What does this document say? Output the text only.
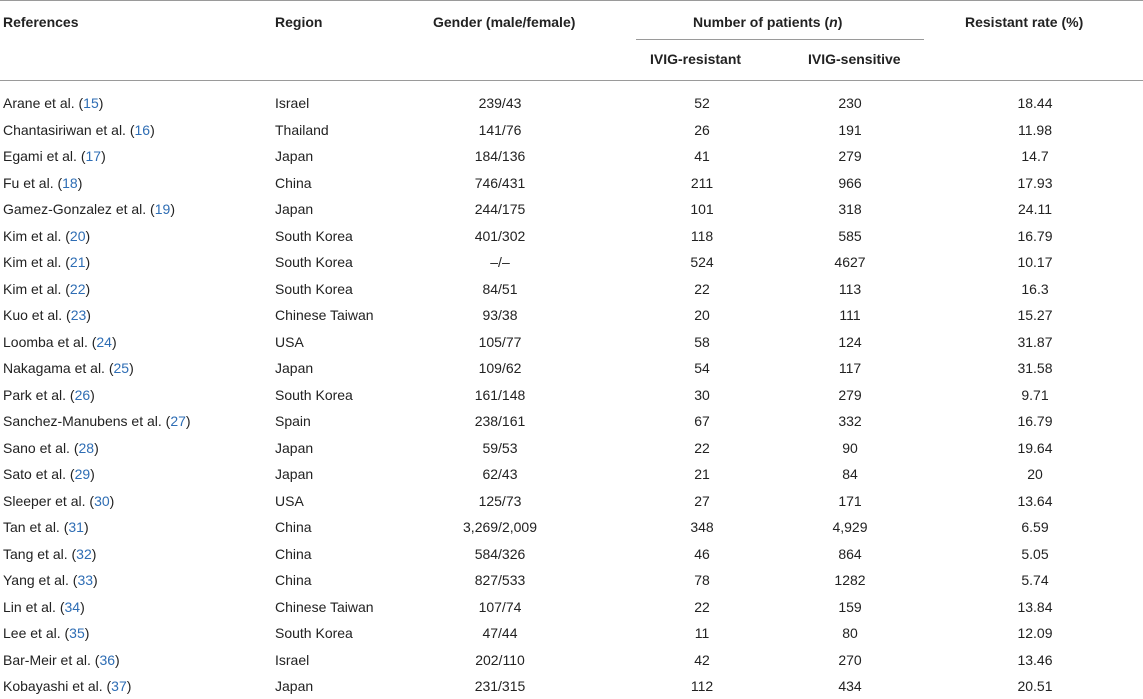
References	Region	Gender (male/female)	Number of patients (n)	Resistant rate (%)
IVIG-resistant	IVIG-sensitive
Arane et al. (15)	Israel	239/43	52	230	18.44
Chantasiriwan et al. (16)	Thailand	141/76	26	191	11.98
Egami et al. (17)	Japan	184/136	41	279	14.7
Fu et al. (18)	China	746/431	211	966	17.93
Gamez-Gonzalez et al. (19)	Japan	244/175	101	318	24.11
Kim et al. (20)	South Korea	401/302	118	585	16.79
Kim et al. (21)	South Korea	–/–	524	4627	10.17
Kim et al. (22)	South Korea	84/51	22	113	16.3
Kuo et al. (23)	Chinese Taiwan	93/38	20	111	15.27
Loomba et al. (24)	USA	105/77	58	124	31.87
Nakagama et al. (25)	Japan	109/62	54	117	31.58
Park et al. (26)	South Korea	161/148	30	279	9.71
Sanchez-Manubens et al. (27)	Spain	238/161	67	332	16.79
Sano et al. (28)	Japan	59/53	22	90	19.64
Sato et al. (29)	Japan	62/43	21	84	20
Sleeper et al. (30)	USA	125/73	27	171	13.64
Tan et al. (31)	China	3,269/2,009	348	4,929	6.59
Tang et al. (32)	China	584/326	46	864	5.05
Yang et al. (33)	China	827/533	78	1282	5.74
Lin et al. (34)	Chinese Taiwan	107/74	22	159	13.84
Lee et al. (35)	South Korea	47/44	11	80	12.09
Bar-Meir et al. (36)	Israel	202/110	42	270	13.46
Kobayashi et al. (37)	Japan	231/315	112	434	20.51
